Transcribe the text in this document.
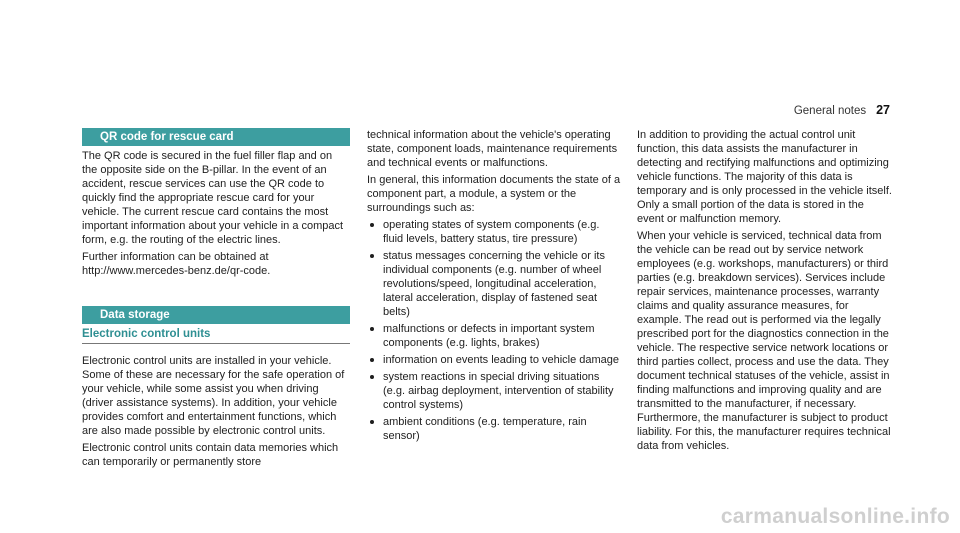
General notes 27
QR code for rescue card

The QR code is secured in the fuel filler flap and on the opposite side on the B-pillar. In the event of an accident, rescue services can use the QR code to quickly find the appropriate rescue card for your vehicle. The current rescue card contains the most important information about your vehicle in a compact form, e.g. the routing of the electric lines.

Further information can be obtained at http://www.mercedes-benz.de/qr-code.

Data storage
Electronic control units

Electronic control units are installed in your vehicle. Some of these are necessary for the safe operation of your vehicle, while some assist you when driving (driver assistance systems). In addition, your vehicle provides comfort and entertainment functions, which are also made possible by electronic control units.

Electronic control units contain data memories which can temporarily or permanently store

technical information about the vehicle's operating state, component loads, maintenance requirements and technical events or malfunctions.

In general, this information documents the state of a component part, a module, a system or the surroundings such as:

operating states of system components (e.g. fluid levels, battery status, tire pressure)
status messages concerning the vehicle or its individual components (e.g. number of wheel revolutions/speed, longitudinal acceleration, lateral acceleration, display of fastened seat belts)
malfunctions or defects in important system components (e.g. lights, brakes)
information on events leading to vehicle damage
system reactions in special driving situations (e.g. airbag deployment, intervention of stability control systems)
ambient conditions (e.g. temperature, rain sensor)

In addition to providing the actual control unit function, this data assists the manufacturer in detecting and rectifying malfunctions and optimizing vehicle functions. The majority of this data is temporary and is only processed in the vehicle itself. Only a small portion of the data is stored in the event or malfunction memory.

When your vehicle is serviced, technical data from the vehicle can be read out by service network employees (e.g. workshops, manufacturers) or third parties (e.g. breakdown services). Services include repair services, maintenance processes, warranty claims and quality assurance measures, for example. The read out is performed via the legally prescribed port for the diagnostics connection in the vehicle. The respective service network locations or third parties collect, process and use the data. They document technical statuses of the vehicle, assist in finding malfunctions and improving quality and are transmitted to the manufacturer, if necessary. Furthermore, the manufacturer is subject to product liability. For this, the manufacturer requires technical data from vehicles.

carmanualsonline.info
